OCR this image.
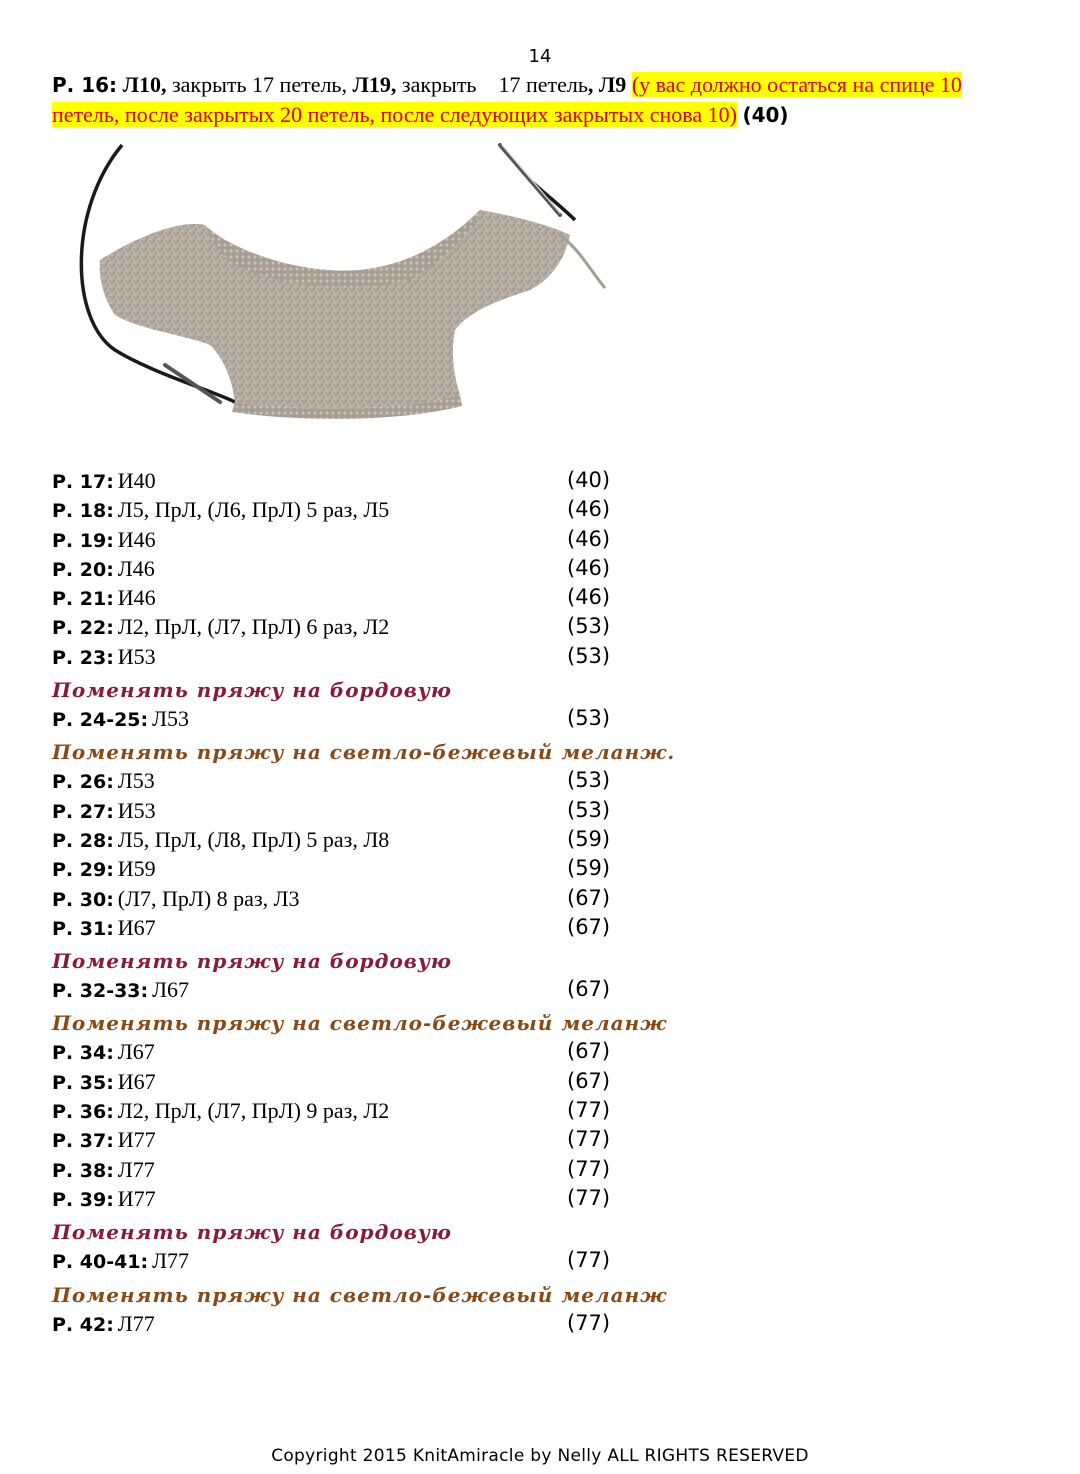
14
Р. 16: Л10, закрыть 17 петель, Л19, закрыть 17 петель, Л9 (у вас должно остаться на спице 10 петель, после закрытых 20 петель, после следующих закрытых снова 10) (40)
Р. 17: И40	(40)
Р. 18: Л5, ПрЛ, (Л6, ПрЛ) 5 раз, Л5	(46)
Р. 19: И46	(46)
Р. 20: Л46	(46)
Р. 21: И46	(46)
Р. 22: Л2, ПрЛ, (Л7, ПрЛ) 6 раз, Л2	(53)
Р. 23: И53	(53)
Поменять пряжу на бордовую
Р. 24-25: Л53	(53)
Поменять пряжу на светло-бежевый меланж.
Р. 26: Л53	(53)
Р. 27: И53	(53)
Р. 28: Л5, ПрЛ, (Л8, ПрЛ) 5 раз, Л8	(59)
Р. 29: И59	(59)
Р. 30: (Л7, ПрЛ) 8 раз, Л3	(67)
Р. 31: И67	(67)
Поменять пряжу на бордовую
Р. 32-33: Л67	(67)
Поменять пряжу на светло-бежевый меланж
Р. 34: Л67	(67)
Р. 35: И67	(67)
Р. 36: Л2, ПрЛ, (Л7, ПрЛ) 9 раз, Л2	(77)
Р. 37: И77	(77)
Р. 38: Л77	(77)
Р. 39: И77	(77)
Поменять пряжу на бордовую
Р. 40-41: Л77	(77)
Поменять пряжу на светло-бежевый меланж
Р. 42: Л77	(77)
Copyright 2015 KnitAmiracle by Nelly ALL RIGHTS RESERVED
